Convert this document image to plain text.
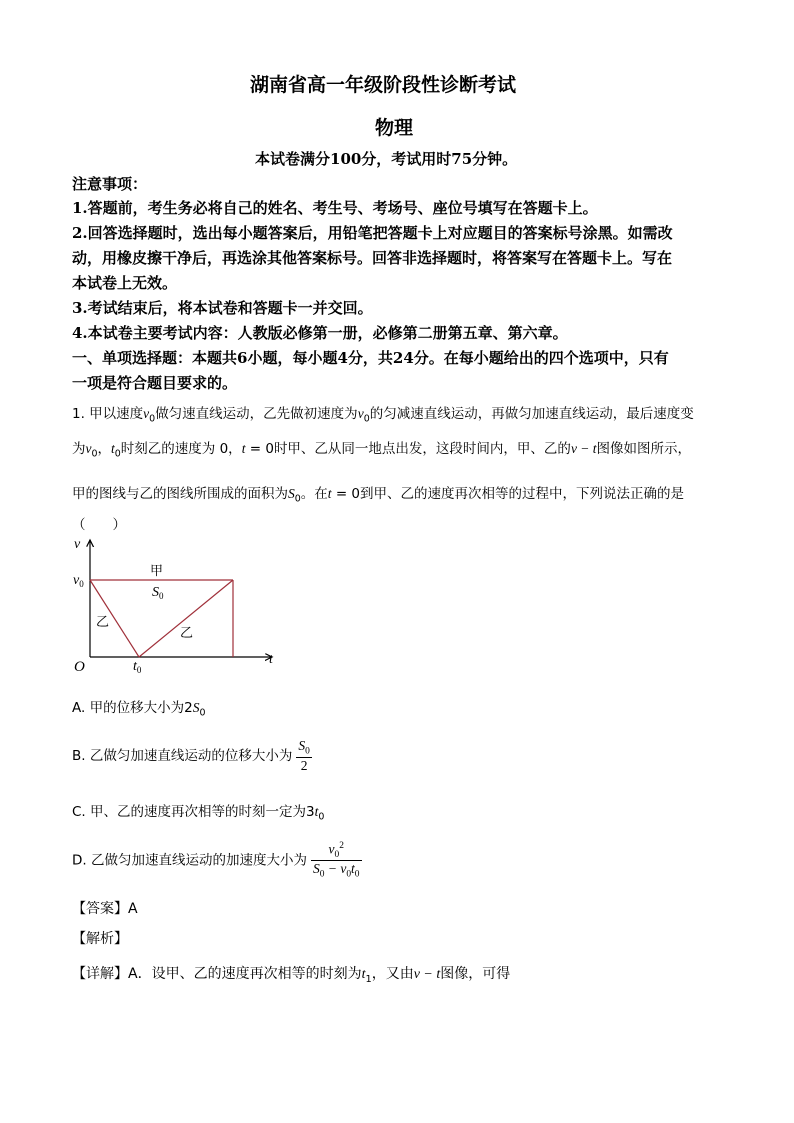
湖南省高一年级阶段性诊断考试
物理
本试卷满分100分，考试用时75分钟。
注意事项：
1.答题前，考生务必将自己的姓名、考生号、考场号、座位号填写在答题卡上。
2.回答选择题时，选出每小题答案后，用铅笔把答题卡上对应题目的答案标号涂黑。如需改
动，用橡皮擦干净后，再选涂其他答案标号。回答非选择题时，将答案写在答题卡上。写在
本试卷上无效。
3.考试结束后，将本试卷和答题卡一并交回。
4.本试卷主要考试内容：人教版必修第一册，必修第二册第五章、第六章。
一、单项选择题：本题共6小题，每小题4分，共24分。在每小题给出的四个选项中，只有
一项是符合题目要求的。
1. 甲以速度$v_0$做匀速直线运动，乙先做初速度为$v_0$的匀减速直线运动，再做匀加速直线运动，最后速度变
为$v_0$，$t_0$时刻乙的速度为 0，t = 0时甲、乙从同一地点出发，这段时间内，甲、乙的v − t图像如图所示，
甲的图线与乙的图线所围成的面积为$S_0$。在t = 0到甲、乙的速度再次相等的过程中，下列说法正确的是
（　　）
v
t
O
$v_0$
$t_0$
甲
$S_0$
乙
乙
A. 甲的位移大小为$2S_0$
B. 乙做匀加速直线运动的位移大小为 $\frac{S_0}{2}$
C. 甲、乙的速度再次相等的时刻一定为$3t_0$
D. 乙做匀加速直线运动的加速度大小为 $\frac{v_0^2}{S_0 - v_0t_0}$
【答案】A
【解析】
【详解】A．设甲、乙的速度再次相等的时刻为$t_1$，又由v − t图像，可得
